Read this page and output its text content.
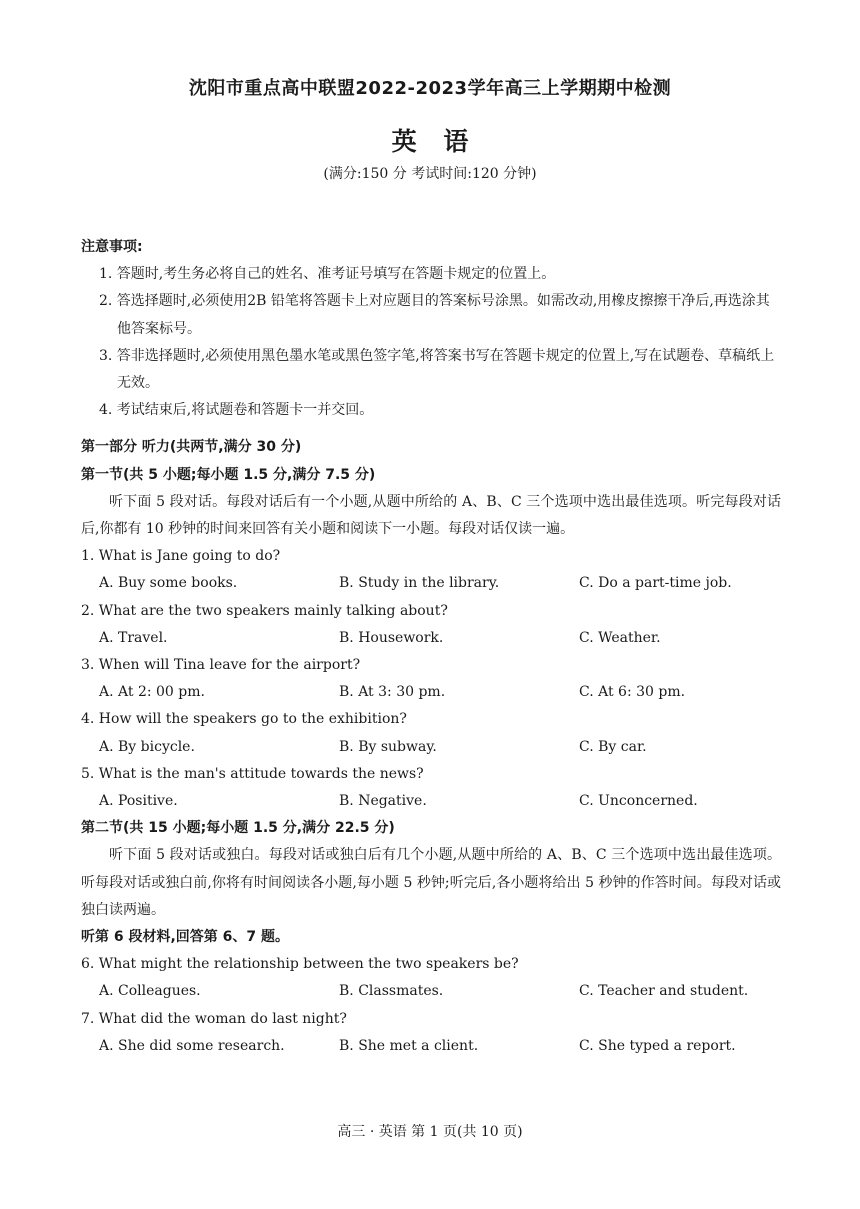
沈阳市重点高中联盟2022-2023学年高三上学期期中检测
英 语
(满分:150 分 考试时间:120 分钟)
注意事项:
1. 答题时,考生务必将自己的姓名、准考证号填写在答题卡规定的位置上。
2. 答选择题时,必须使用2B 铅笔将答题卡上对应题目的答案标号涂黑。如需改动,用橡皮擦擦干净后,再选涂其他答案标号。
3. 答非选择题时,必须使用黑色墨水笔或黑色签字笔,将答案书写在答题卡规定的位置上,写在试题卷、草稿纸上无效。
4. 考试结束后,将试题卷和答题卡一并交回。
第一部分 听力(共两节,满分 30 分)
第一节(共 5 小题;每小题 1.5 分,满分 7.5 分)
听下面 5 段对话。每段对话后有一个小题,从题中所给的 A、B、C 三个选项中选出最佳选项。听完每段对话后,你都有 10 秒钟的时间来回答有关小题和阅读下一小题。每段对话仅读一遍。
1. What is Jane going to do?
A. Buy some books.	B. Study in the library.	C. Do a part-time job.
2. What are the two speakers mainly talking about?
A. Travel.	B. Housework.	C. Weather.
3. When will Tina leave for the airport?
A. At 2: 00 pm.	B. At 3: 30 pm.	C. At 6: 30 pm.
4. How will the speakers go to the exhibition?
A. By bicycle.	B. By subway.	C. By car.
5. What is the man's attitude towards the news?
A. Positive.	B. Negative.	C. Unconcerned.
第二节(共 15 小题;每小题 1.5 分,满分 22.5 分)
听下面 5 段对话或独白。每段对话或独白后有几个小题,从题中所给的 A、B、C 三个选项中选出最佳选项。听每段对话或独白前,你将有时间阅读各小题,每小题 5 秒钟;听完后,各小题将给出 5 秒钟的作答时间。每段对话或独白读两遍。
听第 6 段材料,回答第 6、7 题。
6. What might the relationship between the two speakers be?
A. Colleagues.	B. Classmates.	C. Teacher and student.
7. What did the woman do last night?
A. She did some research.	B. She met a client.	C. She typed a report.
高三 · 英语 第 1 页(共 10 页)
